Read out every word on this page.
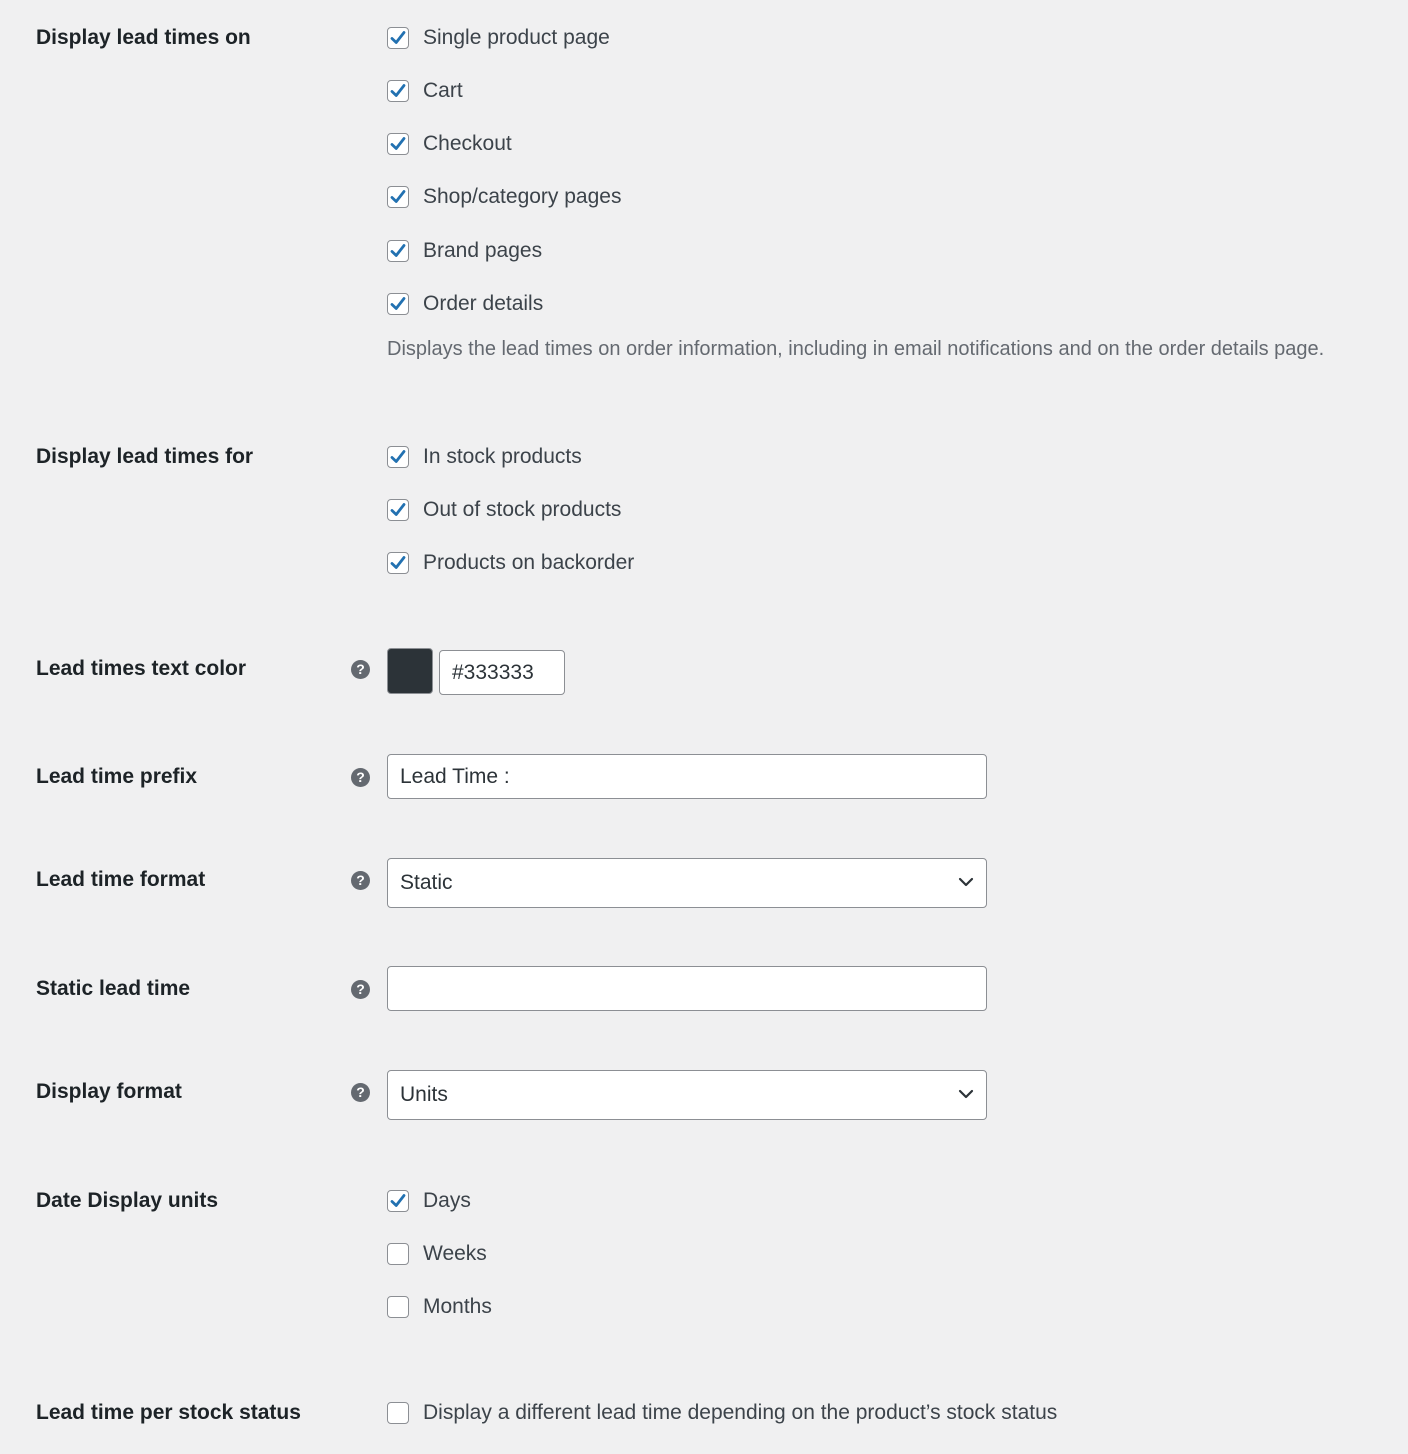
Display lead times on	Single product page
Cart
Checkout
Shop/category pages
Brand pages
Order details
Displays the lead times on order information, including in email notifications and on the order details page.
Display lead times for	In stock products
Out of stock products
Products on backorder
Lead times text color	?	#333333
Lead time prefix	?	Lead Time :
Lead time format	? Static
Static lead time	?
Display format	? Units
Date Display units	Days
Weeks
Months
Lead time per stock status	Display a different lead time depending on the product’s stock status
